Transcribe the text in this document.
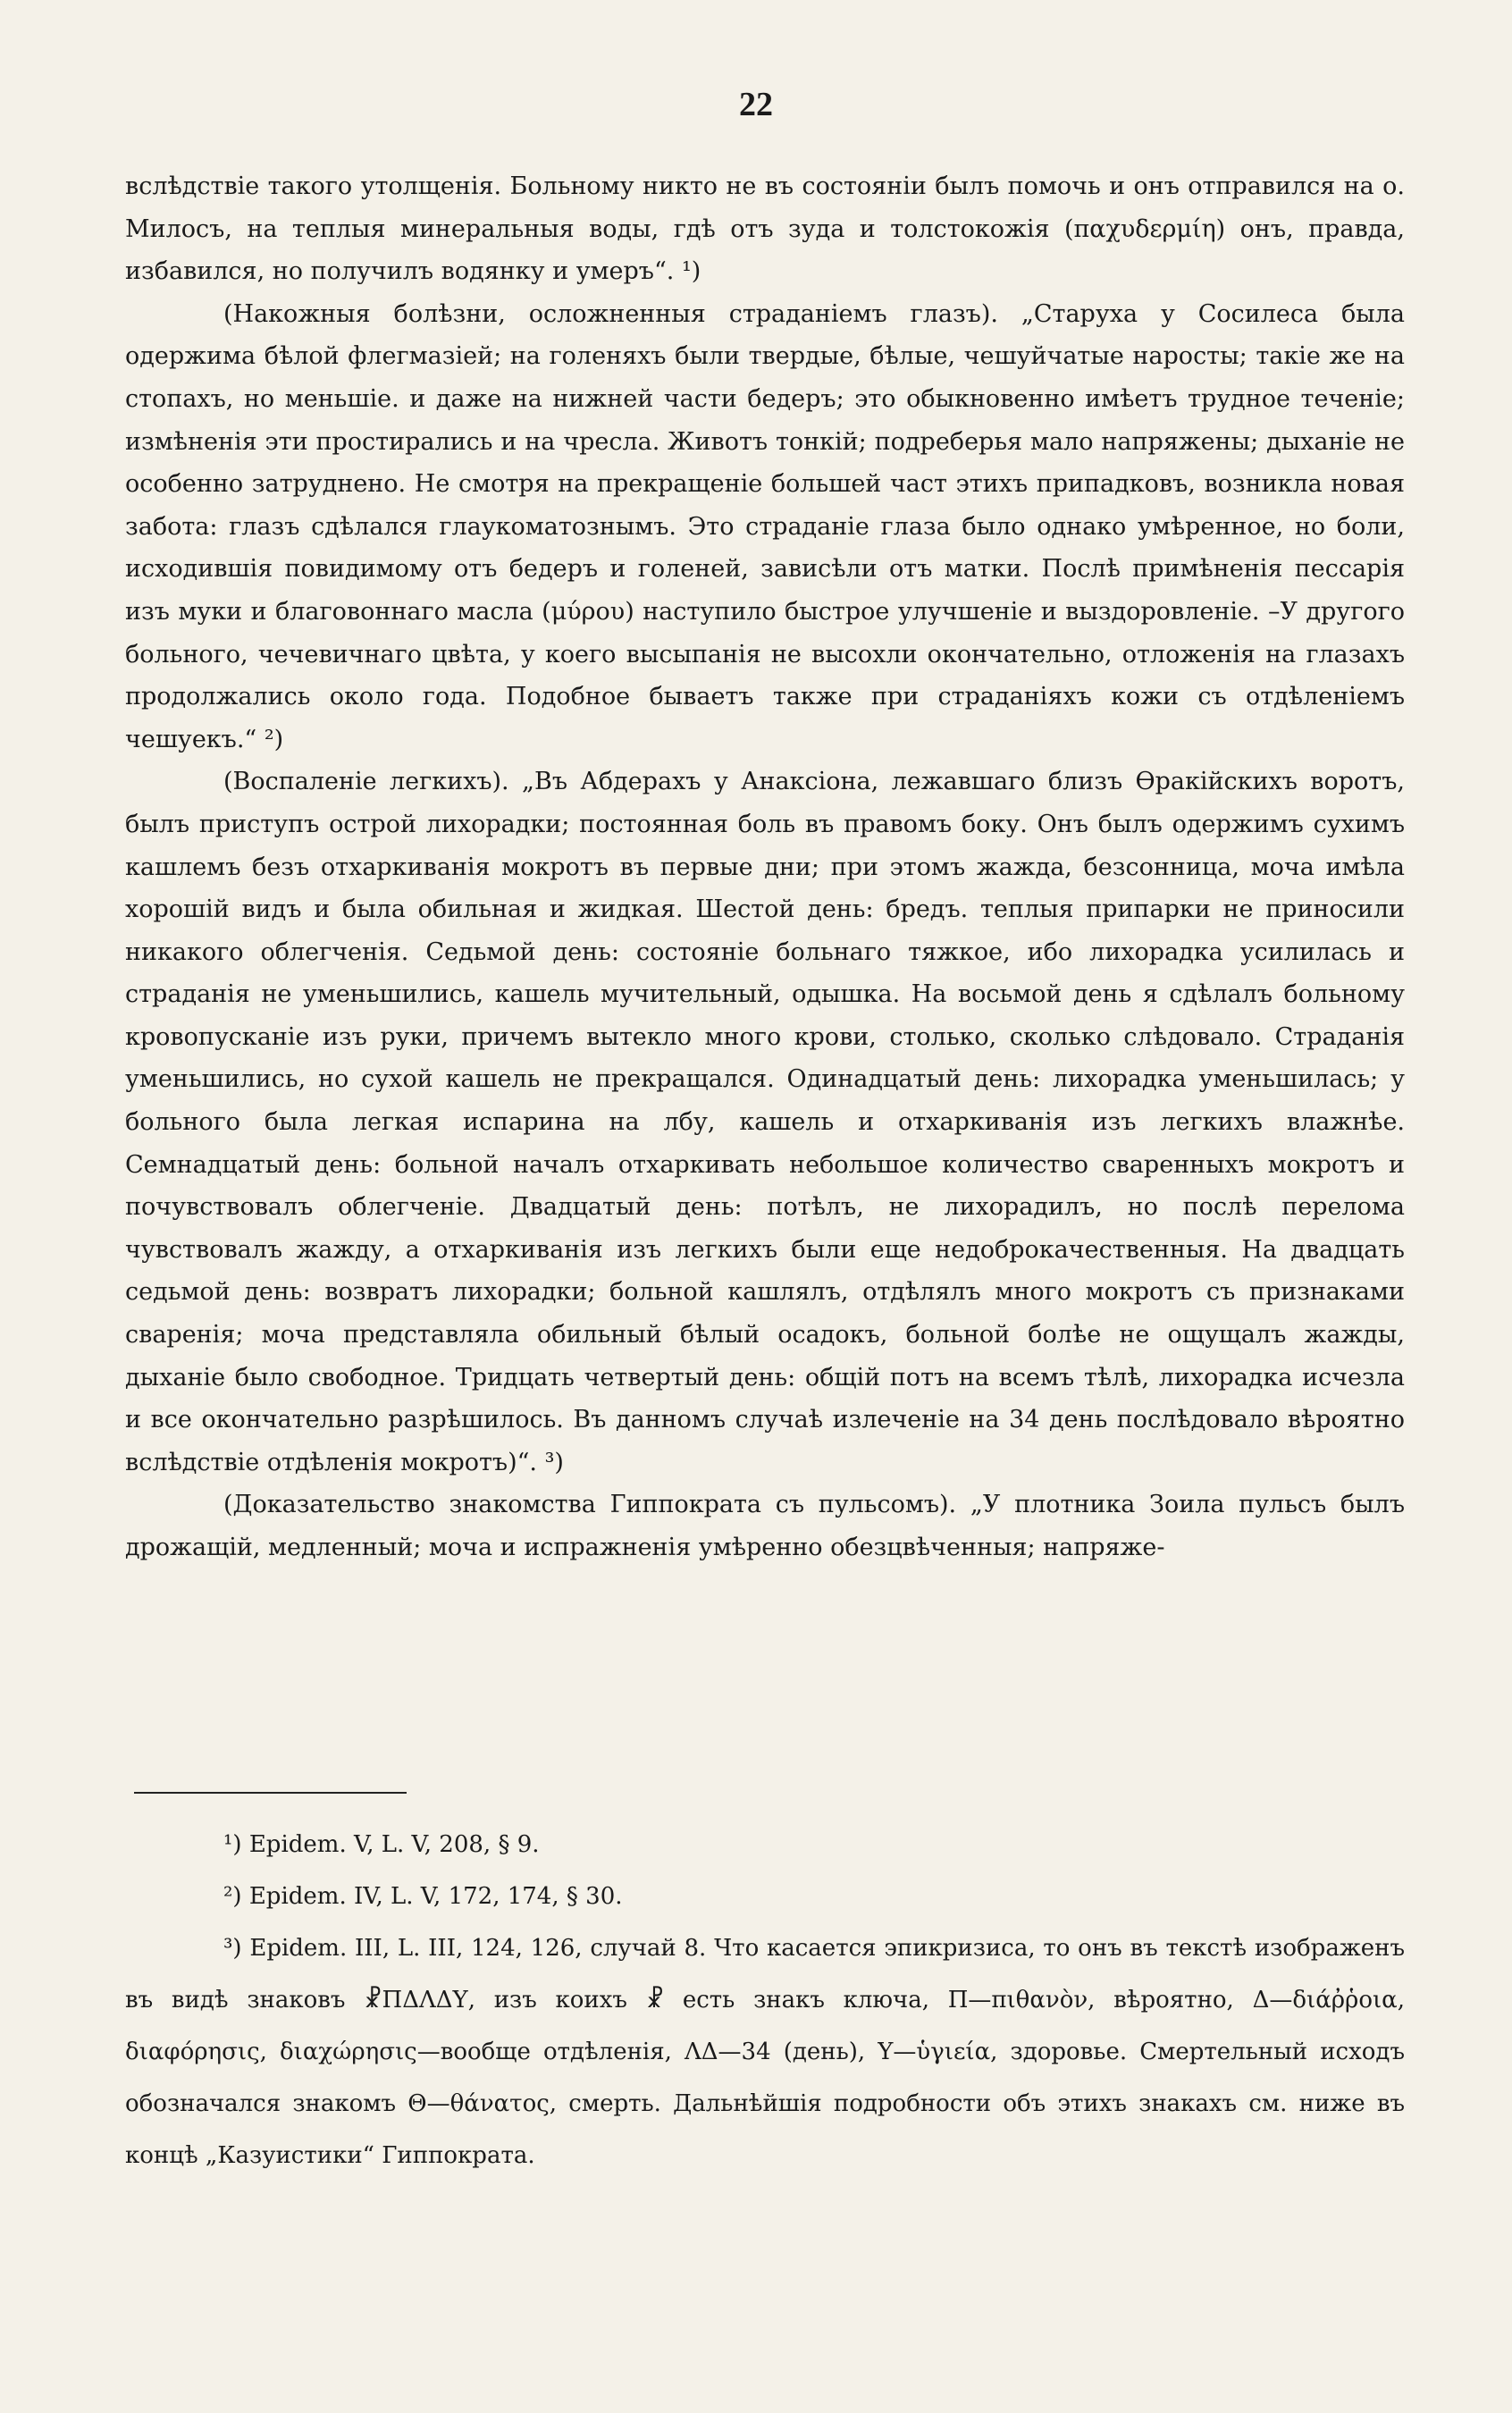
22

вслѣдствіе такого утолщенія. Больному никто не въ состояніи былъ помочь и онъ отправился на о. Милосъ, на теплыя минеральныя воды, гдѣ отъ зуда и толстокожія (παχυδερμίη) онъ, правда, избавился, но получилъ водянку и умеръ“. ¹)

(Накожныя болѣзни, осложненныя страданіемъ глазъ). „Старуха у Сосилеса была одержима бѣлой флегмазіей; на голеняхъ были твердые, бѣлые, чешуйчатые наросты; такіе же на стопахъ, но меньшіе. и даже на нижней части бедеръ; это обыкновенно имѣетъ трудное теченіе; измѣненія эти простирались и на чресла. Животъ тонкій; подреберья мало напряжены; дыханіе не особенно затруднено. Не смотря на прекращеніе большей част этихъ припадковъ, возникла новая забота: глазъ сдѣлался глаукоматознымъ. Это страданіе глаза было однако умѣренное, но боли, исходившія повидимому отъ бедеръ и голеней, зависѣли отъ матки. Послѣ примѣненія пессарія изъ муки и благовоннаго масла (μύρου) наступило быстрое улучшеніе и выздоровленіе. –У другого больного, чечевичнаго цвѣта, у коего высыпанія не высохли окончательно, отложенія на глазахъ продолжались около года. Подобное бываетъ также при страданіяхъ кожи съ отдѣленіемъ чешуекъ.“ ²)

(Воспаленіе легкихъ). „Въ Абдерахъ у Анаксіона, лежавшаго близъ Ѳракійскихъ воротъ, былъ приступъ острой лихорадки; постоянная боль въ правомъ боку. Онъ былъ одержимъ сухимъ кашлемъ безъ отхаркиванія мокротъ въ первые дни; при этомъ жажда, безсонница, моча имѣла хорошій видъ и была обильная и жидкая. Шестой день: бредъ. теплыя припарки не приносили никакого облегченія. Седьмой день: состояніе больнаго тяжкое, ибо лихорадка усилилась и страданія не уменьшились, кашель мучительный, одышка. На восьмой день я сдѣлалъ больному кровопусканіе изъ руки, причемъ вытекло много крови, столько, сколько слѣдовало. Страданія уменьшились, но сухой кашель не прекращался. Одинадцатый день: лихорадка уменьшилась; у больного была легкая испарина на лбу, кашель и отхаркиванія изъ легкихъ влажнѣе. Семнадцатый день: больной началъ отхаркивать небольшое количество сваренныхъ мокротъ и почувствовалъ облегченіе. Двадцатый день: потѣлъ, не лихорадилъ, но послѣ перелома чувствовалъ жажду, а отхаркиванія изъ легкихъ были еще недоброкачественныя. На двадцать седьмой день: возвратъ лихорадки; больной кашлялъ, отдѣлялъ много мокротъ съ признаками сваренія; моча представляла обильный бѣлый осадокъ, больной болѣе не ощущалъ жажды, дыханіе было свободное. Тридцать четвертый день: общій потъ на всемъ тѣлѣ, лихорадка исчезла и все окончательно разрѣшилось. Въ данномъ случаѣ излеченіе на 34 день послѣдовало вѣроятно вслѣдствіе отдѣленія мокротъ)“. ³)

(Доказательство знакомства Гиппократа съ пульсомъ). „У плотника Зоила пульсъ былъ дрожащій, медленный; моча и испражненія умѣренно обезцвѣченныя; напряже-

¹) Epidem. V, L. V, 208, § 9.

²) Epidem. IV, L. V, 172, 174, § 30.

³) Epidem. III, L. III, 124, 126, случай 8. Что касается эпикризиса, то онъ въ текстѣ изображенъ въ видѣ знаковъ ☧ΠΔΛΔΥ, изъ коихъ ☧ есть знакъ ключа, Π—πιθανὸν, вѣроятно, Δ—διάῤῥοια, διαφόρησις, διαχώρησις—вообще отдѣленія, ΛΔ—34 (день), Υ—ὑγιεία, здоровье. Смертельный исходъ обозначался знакомъ Θ—θάνατος, смерть. Дальнѣйшія подробности объ этихъ знакахъ см. ниже въ концѣ „Казуистики“ Гиппократа.
